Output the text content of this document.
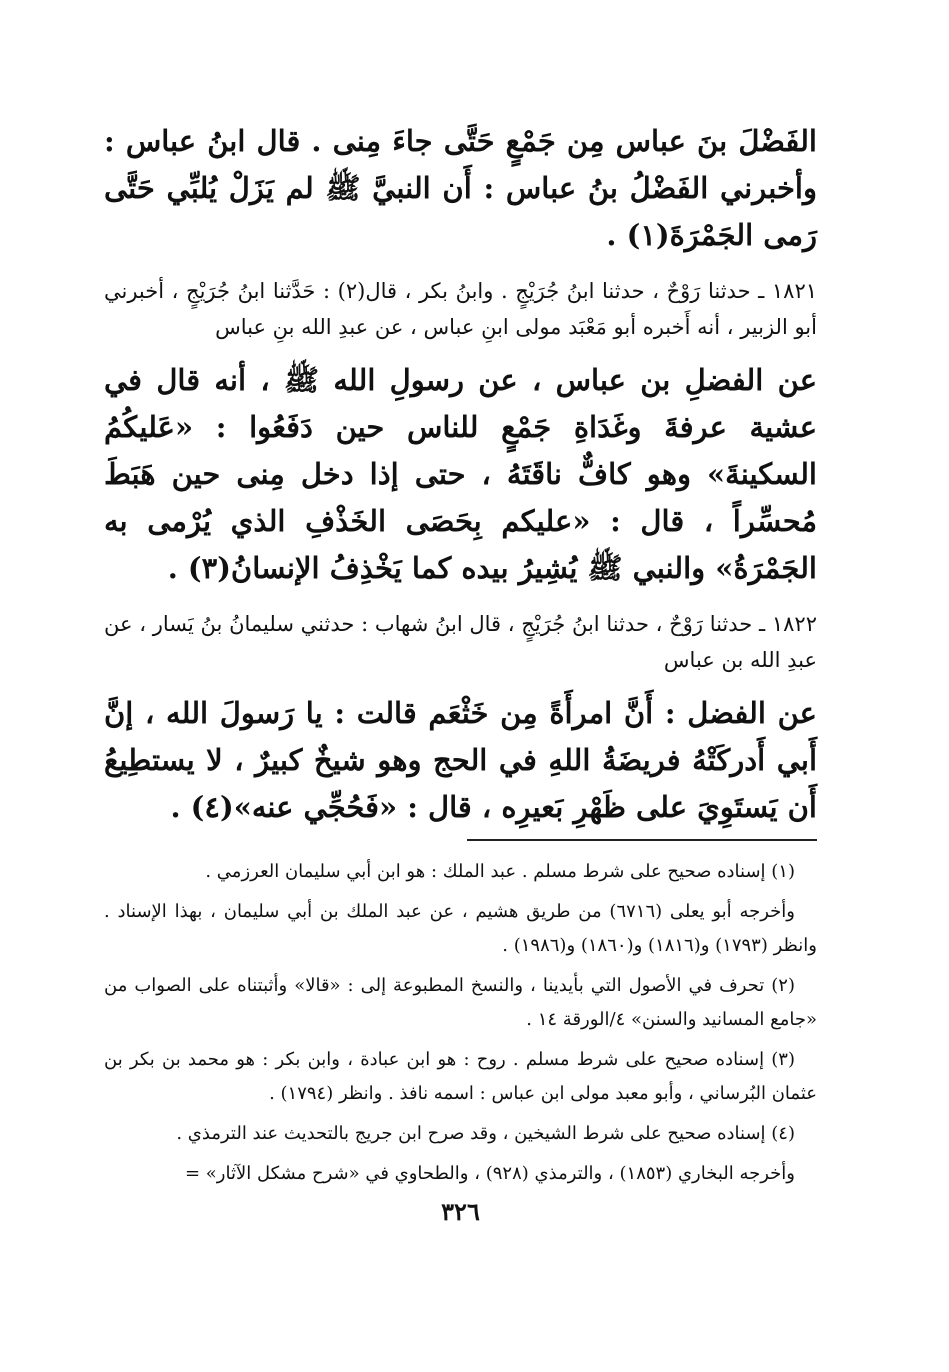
الفَضْلَ بنَ عباس مِن جَمْعٍ حَتَّى جاءَ مِنى . قال ابنُ عباس : وأخبرني الفَضْلُ بنُ عباس : أَن النبيَّ ﷺ لم يَزَلْ يُلبِّي حَتَّى رَمى الجَمْرَةَ(١) .

١٨٢١ ـ حدثنا رَوْحٌ ، حدثنا ابنُ جُرَيْجٍ . وابنُ بكر ، قال(٢) : حَدَّثنا ابنُ جُرَيْجٍ ، أخبرني أبو الزبير ، أنه أَخبره أبو مَعْبَد مولى ابنِ عباس ، عن عبدِ الله بنِ عباس

عن الفضلِ بن عباس ، عن رسولِ الله ﷺ ، أنه قال في عشية عرفةَ وغَدَاةِ جَمْعٍ للناس حين دَفَعُوا : «عَليكُمُ السكينةَ» وهو كافٌّ ناقَتَهُ ، حتى إذا دخل مِنى حين هَبَطَ مُحسِّراً ، قال : «عليكم بِحَصَى الخَذْفِ الذي يُرْمى به الجَمْرَةُ» والنبي ﷺ يُشِيرُ بيده كما يَخْذِفُ الإنسانُ(٣) .

١٨٢٢ ـ حدثنا رَوْحٌ ، حدثنا ابنُ جُرَيْجٍ ، قال ابنُ شهاب : حدثني سليمانُ بنُ يَسار ، عن عبدِ الله بن عباس

عن الفضل : أَنَّ امرأَةً مِن خَثْعَم قالت : يا رَسولَ الله ، إنَّ أَبي أَدركَتْهُ فريضَةُ اللهِ في الحج وهو شيخٌ كبيرٌ ، لا يستطِيعُ أَن يَستَوِيَ على ظَهْرِ بَعيرِه ، قال : «فَحُجِّي عنه»(٤) .

(١) إسناده صحيح على شرط مسلم . عبد الملك : هو ابن أبي سليمان العرزمي .

وأخرجه أبو يعلى (٦٧١٦) من طريق هشيم ، عن عبد الملك بن أبي سليمان ، بهذا الإسناد . وانظر (١٧٩٣) و(١٨١٦) و(١٨٦٠) و(١٩٨٦) .

(٢) تحرف في الأصول التي بأيدينا ، والنسخ المطبوعة إلى : «قالا» وأثبتناه على الصواب من «جامع المسانيد والسنن» ٤/الورقة ١٤ .

(٣) إسناده صحيح على شرط مسلم . روح : هو ابن عبادة ، وابن بكر : هو محمد بن بكر بن عثمان البُرساني ، وأبو معبد مولى ابن عباس : اسمه نافذ . وانظر (١٧٩٤) .

(٤) إسناده صحيح على شرط الشيخين ، وقد صرح ابن جريج بالتحديث عند الترمذي .

وأخرجه البخاري (١٨٥٣) ، والترمذي (٩٢٨) ، والطحاوي في «شرح مشكل الآثار» =

٣٢٦
